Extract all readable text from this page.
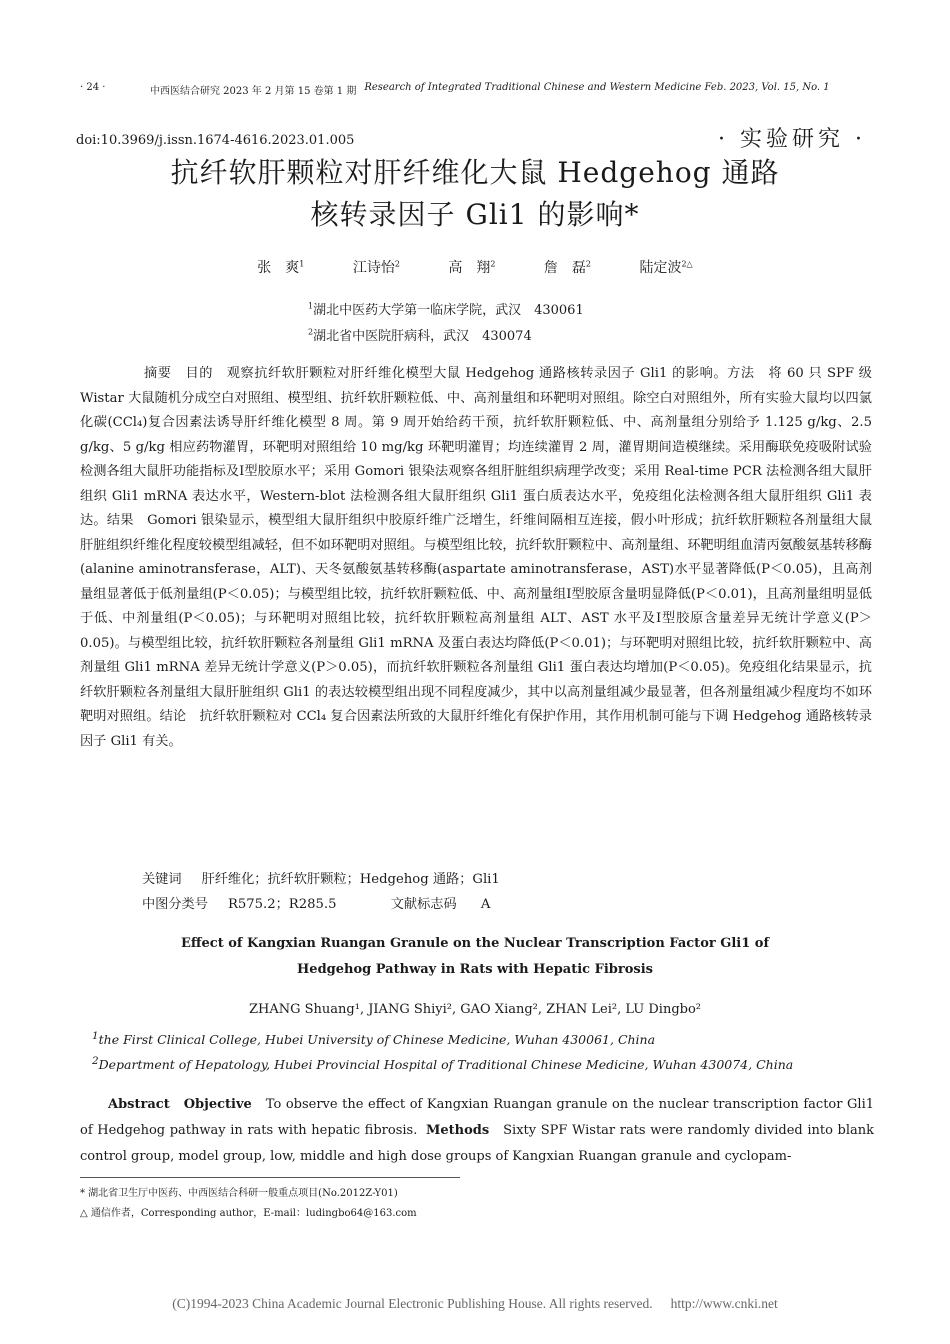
· 24 ·	中西医结合研究 2023 年 2 月第 15 卷第 1 期 Research of Integrated Traditional Chinese and Western Medicine Feb. 2023, Vol. 15, No. 1
doi:10.3969/j.issn.1674-4616.2023.01.005	· 实验研究 ·
抗纤软肝颗粒对肝纤维化大鼠 Hedgehog 通路
核转录因子 Gli1 的影响*
张　爽$^1$	江诗怡$^2$	高　翔$^2$	詹　磊$^2$	陆定波$^{2\triangle}$
$^1$湖北中医药大学第一临床学院，武汉　430061
$^2$湖北省中医院肝病科，武汉　430074
摘要 目的　观察抗纤软肝颗粒对肝纤维化模型大鼠 Hedgehog 通路核转录因子 Gli1 的影响。方法　将 60 只 SPF 级 Wistar 大鼠随机分成空白对照组、模型组、抗纤软肝颗粒低、中、高剂量组和环靶明对照组。除空白对照组外，所有实验大鼠均以四氯化碳(CCl₄)复合因素法诱导肝纤维化模型 8 周。第 9 周开始给药干预，抗纤软肝颗粒低、中、高剂量组分别给予 1.125 g/kg、2.5 g/kg、5 g/kg 相应药物灌胃，环靶明对照组给 10 mg/kg 环靶明灌胃；均连续灌胃 2 周，灌胃期间造模继续。采用酶联免疫吸附试验检测各组大鼠肝功能指标及Ⅰ型胶原水平；采用 Gomori 银染法观察各组肝脏组织病理学改变；采用 Real-time PCR 法检测各组大鼠肝组织 Gli1 mRNA 表达水平，Western-blot 法检测各组大鼠肝组织 Gli1 蛋白质表达水平，免疫组化法检测各组大鼠肝组织 Gli1 表达。结果　Gomori 银染显示，模型组大鼠肝组织中胶原纤维广泛增生，纤维间隔相互连接，假小叶形成；抗纤软肝颗粒各剂量组大鼠肝脏组织纤维化程度较模型组减轻，但不如环靶明对照组。与模型组比较，抗纤软肝颗粒中、高剂量组、环靶明组血清丙氨酸氨基转移酶(alanine aminotransferase，ALT)、天冬氨酸氨基转移酶(aspartate aminotransferase，AST)水平显著降低(P＜0.05)，且高剂量组显著低于低剂量组(P＜0.05)；与模型组比较，抗纤软肝颗粒低、中、高剂量组Ⅰ型胶原含量明显降低(P＜0.01)，且高剂量组明显低于低、中剂量组(P＜0.05)；与环靶明对照组比较，抗纤软肝颗粒高剂量组 ALT、AST 水平及Ⅰ型胶原含量差异无统计学意义(P＞0.05)。与模型组比较，抗纤软肝颗粒各剂量组 Gli1 mRNA 及蛋白表达均降低(P＜0.01)；与环靶明对照组比较，抗纤软肝颗粒中、高剂量组 Gli1 mRNA 差异无统计学意义(P＞0.05)，而抗纤软肝颗粒各剂量组 Gli1 蛋白表达均增加(P＜0.05)。免疫组化结果显示，抗纤软肝颗粒各剂量组大鼠肝脏组织 Gli1 的表达较模型组出现不同程度减少，其中以高剂量组减少最显著，但各剂量组减少程度均不如环靶明对照组。结论　抗纤软肝颗粒对 CCl₄ 复合因素法所致的大鼠肝纤维化有保护作用，其作用机制可能与下调 Hedgehog 通路核转录因子 Gli1 有关。
关键词 肝纤维化；抗纤软肝颗粒；Hedgehog 通路；Gli1
中图分类号 R575.2；R285.5	文献标志码 A
Effect of Kangxian Ruangan Granule on the Nuclear Transcription Factor Gli1 of
Hedgehog Pathway in Rats with Hepatic Fibrosis
ZHANG Shuang¹, JIANG Shiyi², GAO Xiang², ZHAN Lei², LU Dingbo²
$^1$the First Clinical College, Hubei University of Chinese Medicine, Wuhan 430061, China
$^2$Department of Hepatology, Hubei Provincial Hospital of Traditional Chinese Medicine, Wuhan 430074, China
Abstract Objective To observe the effect of Kangxian Ruangan granule on the nuclear transcription factor Gli1 of Hedgehog pathway in rats with hepatic fibrosis. Methods Sixty SPF Wistar rats were randomly divided into blank control group, model group, low, middle and high dose groups of Kangxian Ruangan granule and cyclopam-
* 湖北省卫生厅中医药、中西医结合科研一般重点项目(No.2012Z-Y01)
△ 通信作者，Corresponding author，E-mail：ludingbo64@163.com
(C)1994-2023 China Academic Journal Electronic Publishing House. All rights reserved. http://www.cnki.net
